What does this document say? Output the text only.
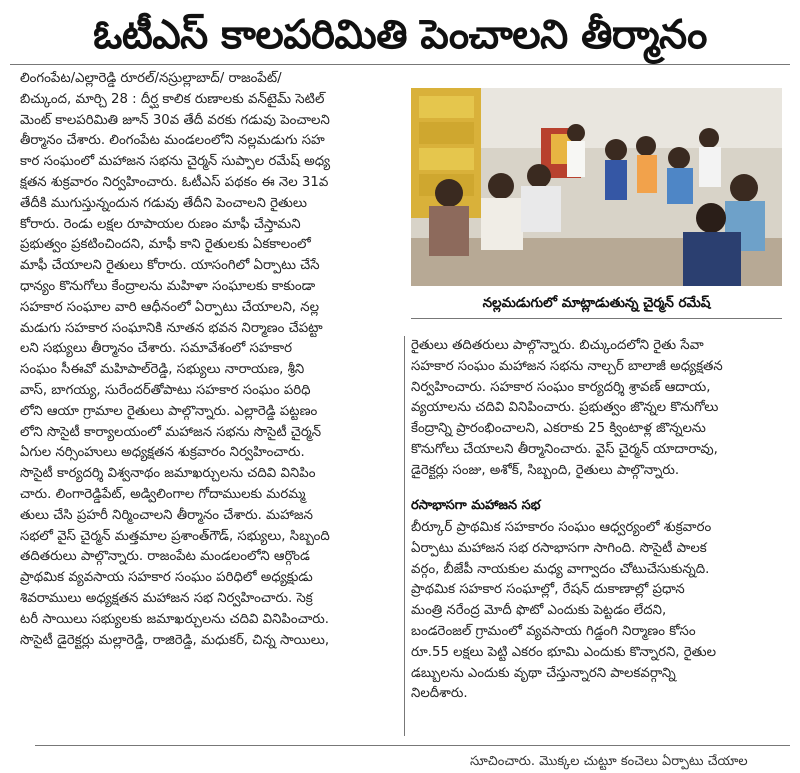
ఓటీఎస్ కాలపరిమితి పెంచాలని తీర్మానం
లింగంపేట/ఎల్లారెడ్డి రూరల్/నస్రుల్లాబాద్/ రాజంపేట్/
బిచ్కుంద, మార్చి 28 : దీర్ఘ కాలిక రుణాలకు వన్‌టైమ్ సెటిల్
మెంట్ కాలపరిమితి జూన్ 30వ తేదీ వరకు గడువు పెంచాలని
తీర్మానం చేశారు. లింగంపేట మండలంలోని నల్లమడుగు సహ
కార సంఘంలో మహాజన సభను చైర్మన్ సుప్పాల రమేష్ అధ్య
క్షతన శుక్రవారం నిర్వహించారు. ఓటీఎస్ పథకం ఈ నెల 31వ
తేదీకి ముగుస్తున్నందున గడువు తేదీని పెంచాలని రైతులు
కోరారు. రెండు లక్షల రూపాయల రుణం మాఫీ చేస్తామని
ప్రభుత్వం ప్రకటించిందని, మాఫీ కాని రైతులకు ఏకకాలంలో
మాఫీ చేయాలని రైతులు కోరారు. యాసంగిలో ఏర్పాటు చేసే
ధాన్యం కొనుగోలు కేంద్రాలను మహిళా సంఘాలకు కాకుండా
సహకార సంఘాల వారి ఆధీనంలో ఏర్పాటు చేయాలని, నల్ల
మడుగు సహకార సంఘానికి నూతన భవన నిర్మాణం చేపట్టా
లని సభ్యులు తీర్మానం చేశారు. సమావేశంలో సహకార
సంఘం సీఈవో మహిపాల్‌రెడ్డి, సభ్యులు నారాయణ, శ్రీని
వాస్, బాగయ్య, సురేందర్‌తోపాటు సహకార సంఘం పరిధి
లోని ఆయా గ్రామాల రైతులు పాల్గొన్నారు. ఎల్లారెడ్డి పట్టణం
లోని సొసైటీ కార్యాలయంలో మహాజన సభను సొసైటీ చైర్మన్
ఏగుల నర్సింహులు అధ్యక్షతన శుక్రవారం నిర్వహించారు.
సొసైటీ కార్యదర్శి విశ్వనాథం జమాఖర్చులను చదివి వినిపిం
చారు. లింగారెడ్డిపేట్, అడ్విలింగాల గోదాములకు మరమ్మ
తులు చేసి ప్రహరీ నిర్మించాలని తీర్మానం చేశారు. మహాజన
సభలో వైస్ చైర్మన్ మత్తమాల ప్రశాంత్‌గౌడ్, సభ్యులు, సిబ్బంది
తదితరులు పాల్గొన్నారు. రాజంపేట మండలంలోని ఆర్గొండ
ప్రాథమిక వ్యవసాయ సహకార సంఘం పరిధిలో అధ్యక్షుడు
శివరాములు అధ్యక్షతన మహాజన సభ నిర్వహించారు. సెక్ర
టరీ సాయిలు సభ్యులకు జమాఖర్చులను చదివి వినిపించారు.
సొసైటీ డైరెక్టర్లు మల్లారెడ్డి, రాజిరెడ్డి, మధుకర్, చిన్న సాయిలు,
నల్లమడుగులో మాట్లాడుతున్న చైర్మన్ రమేష్
రైతులు తదితరులు పాల్గొన్నారు. బిచ్కుందలోని రైతు సేవా
సహకార సంఘం మహాజన సభను నాల్చర్ బాలాజీ అధ్యక్షతన
నిర్వహించారు. సహకార సంఘం కార్యదర్శి శ్రావణ్ ఆదాయ,
వ్యయాలను చదివి వినిపించారు. ప్రభుత్వం జొన్నల కొనుగోలు
కేంద్రాన్ని ప్రారంభించాలని, ఎకరాకు 25 క్వింటాళ్ల జొన్నలను
కొనుగోలు చేయాలని తీర్మానించారు. వైస్ చైర్మన్ యాదారావు,
డైరెక్టర్లు సంజు, అశోక్, సిబ్బంది, రైతులు పాల్గొన్నారు.
రసాభాసగా మహాజన సభ
బీర్కూర్ ప్రాథమిక సహకారం సంఘం ఆధ్వర్యంలో శుక్రవారం
ఏర్పాటు మహాజన సభ రసాభాసగా సాగింది. సొసైటీ పాలక
వర్గం, బీజేపీ నాయకుల మధ్య వాగ్వాదం చోటుచేసుకున్నది.
ప్రాథమిక సహకార సంఘాల్లో, రేషన్ దుకాణాల్లో ప్రధాన
మంత్రి నరేంద్ర మోదీ ఫొటో ఎందుకు పెట్టడం లేదని,
బండరెంజల్ గ్రామంలో వ్యవసాయ గిడ్డంగి నిర్మాణం కోసం
రూ.55 లక్షలు పెట్టి ఎకరం భూమి ఎందుకు కొన్నారని, రైతుల
డబ్బులను ఎందుకు వృథా చేస్తున్నారని పాలకవర్గాన్ని
నిలదీశారు.
సూచించారు. మొక్కల చుట్టూ కంచెలు ఏర్పాటు చేయాల
